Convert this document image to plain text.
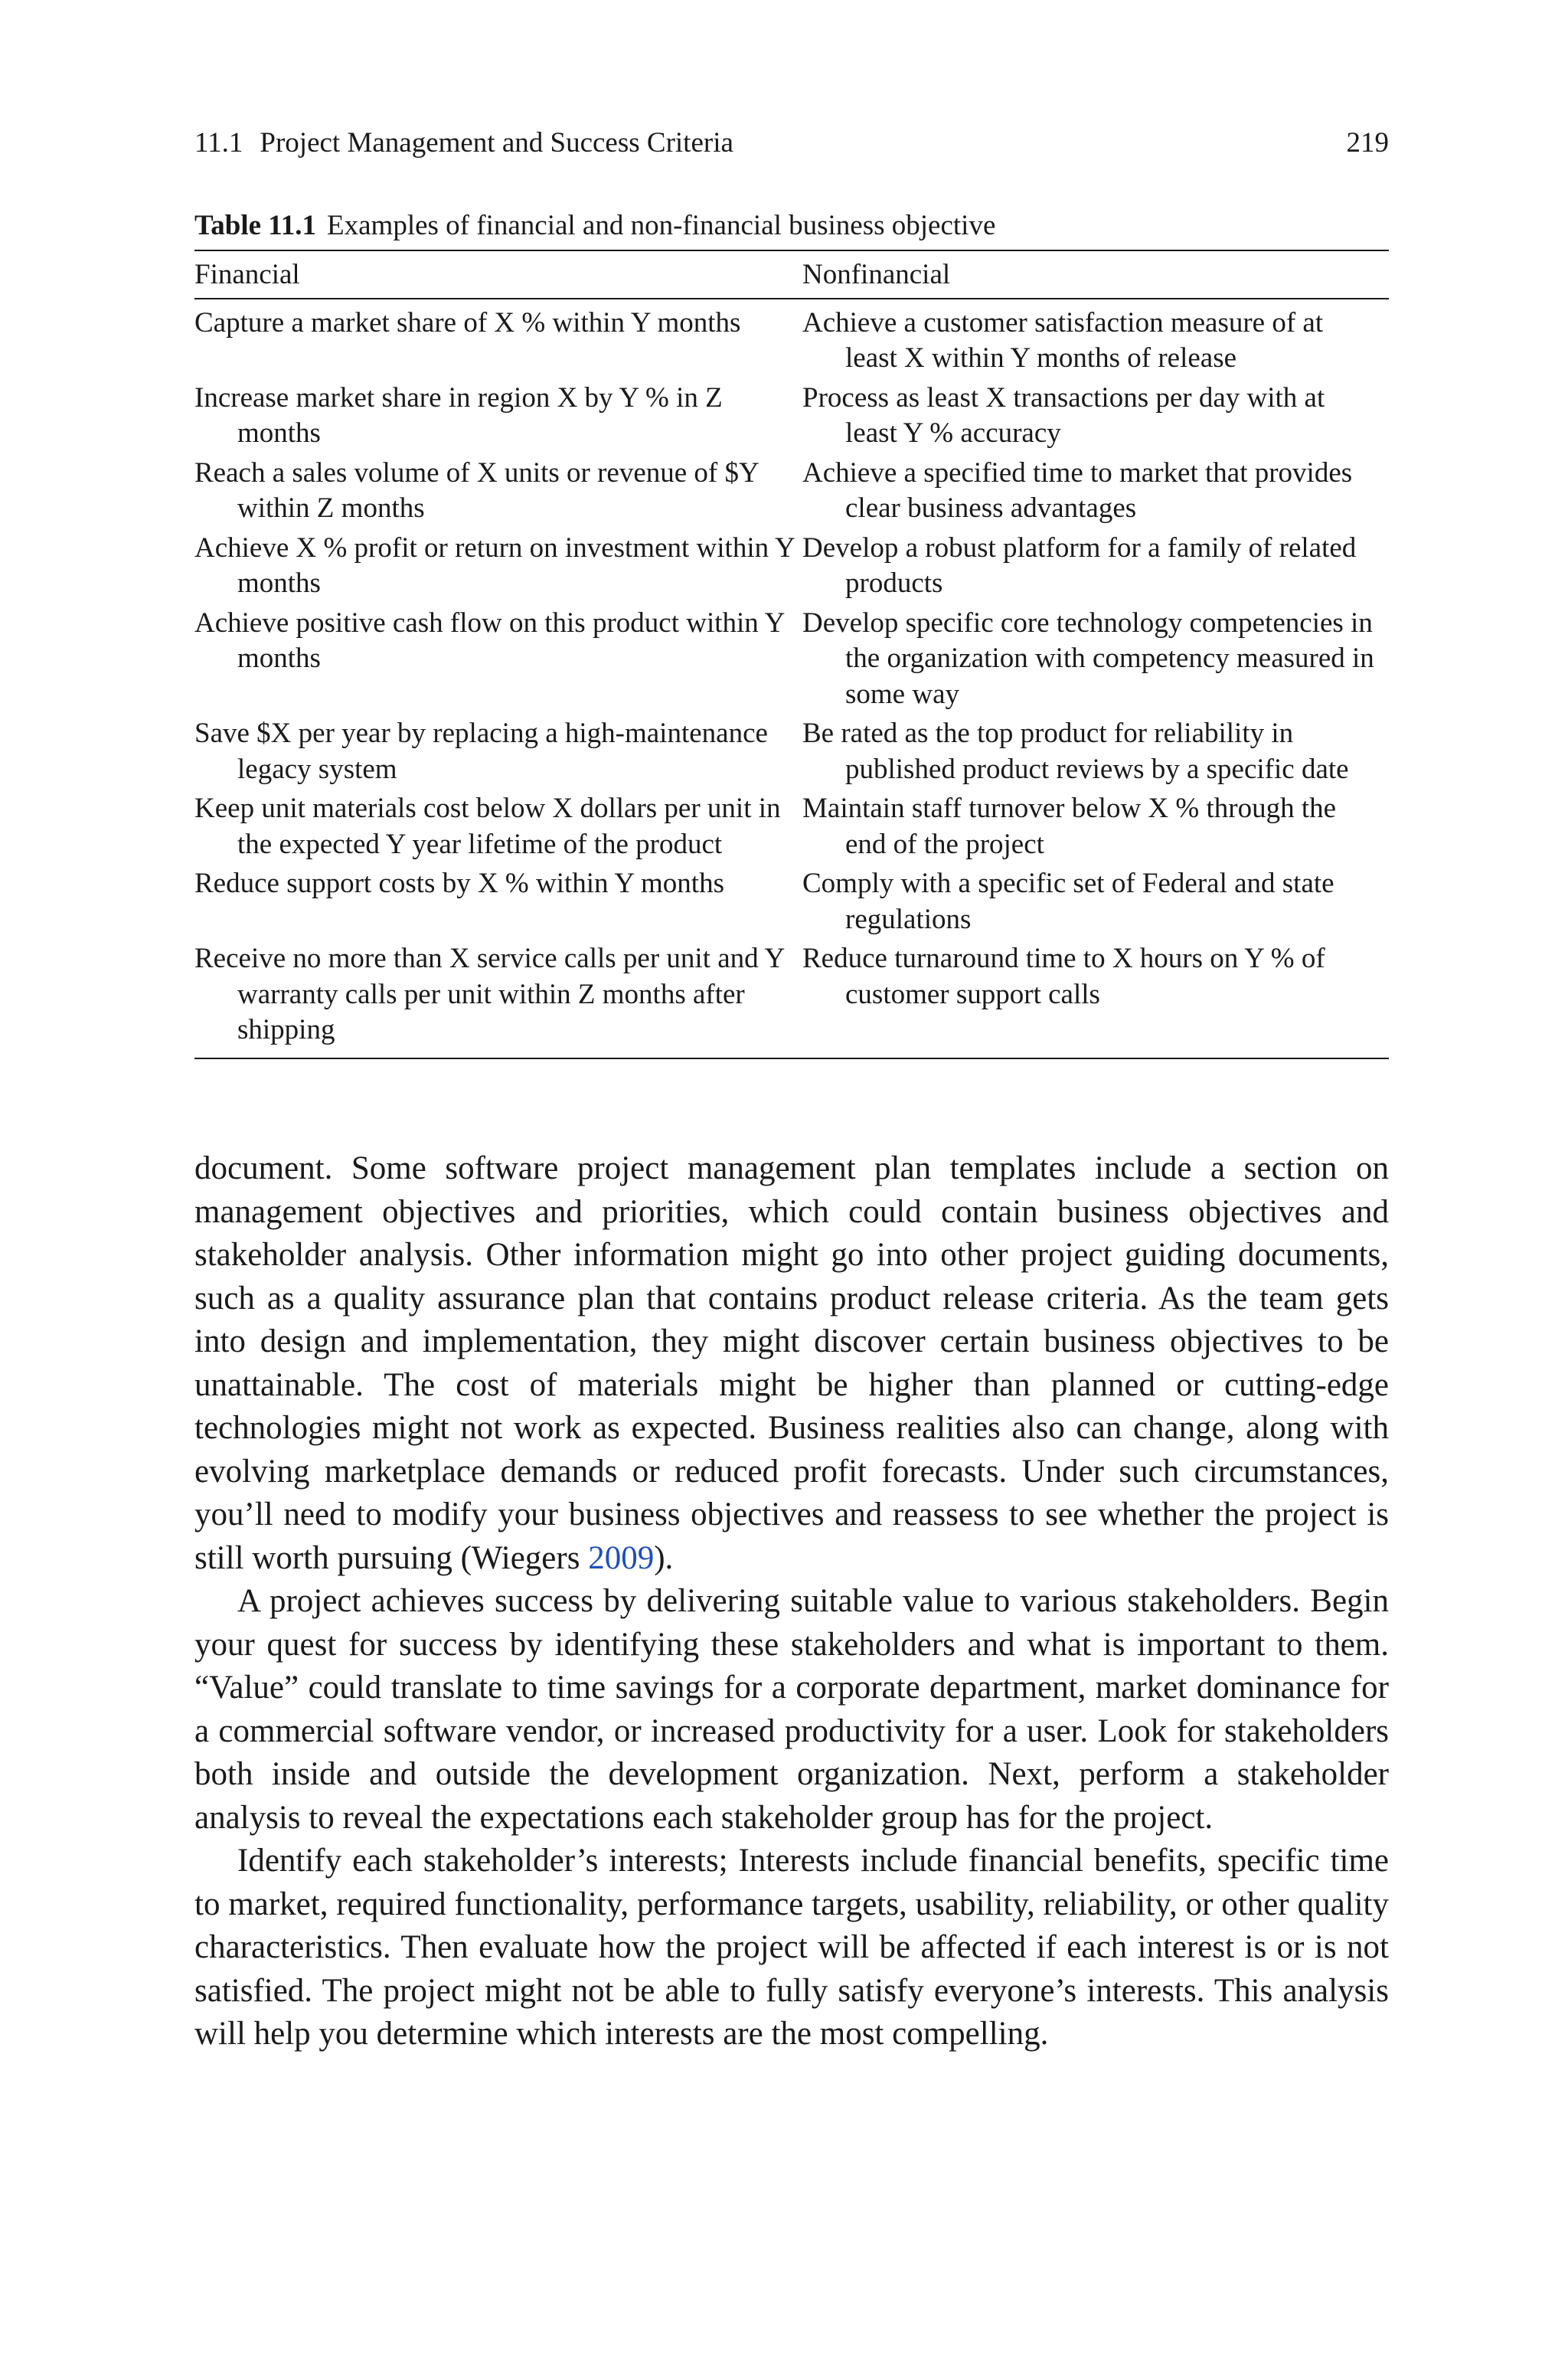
11.1 Project Management and Success Criteria	219
Table 11.1 Examples of financial and non-financial business objective
Financial	Nonfinancial

Capture a market share of X % within Y months	Achieve a customer satisfaction measure of at least X within Y months of release

Increase market share in region X by Y % in Z months	Process as least X transactions per day with at least Y % accuracy

Reach a sales volume of X units or revenue of $Y within Z months	Achieve a specified time to market that provides clear business advantages

Achieve X % profit or return on investment within Y months	Develop a robust platform for a family of related products

Achieve positive cash flow on this product within Y months	Develop specific core technology competencies in the organization with competency measured in some way

Save $X per year by replacing a high-maintenance legacy system	Be rated as the top product for reliability in published product reviews by a specific date

Keep unit materials cost below X dollars per unit in the expected Y year lifetime of the product	Maintain staff turnover below X % through the end of the project

Reduce support costs by X % within Y months	Comply with a specific set of Federal and state regulations

Receive no more than X service calls per unit and Y warranty calls per unit within Z months after shipping	Reduce turnaround time to X hours on Y % of customer support calls

document. Some software project management plan templates include a section on management objectives and priorities, which could contain business objectives and stakeholder analysis. Other information might go into other project guiding documents, such as a quality assurance plan that contains product release criteria. As the team gets into design and implementation, they might discover certain business objectives to be unattainable. The cost of materials might be higher than planned or cutting-edge technologies might not work as expected. Business realities also can change, along with evolving marketplace demands or reduced profit forecasts. Under such circumstances, you’ll need to modify your business objectives and reassess to see whether the project is still worth pursuing (Wiegers 2009).

A project achieves success by delivering suitable value to various stakeholders. Begin your quest for success by identifying these stakeholders and what is important to them. “Value” could translate to time savings for a corporate department, market dominance for a commercial software vendor, or increased productivity for a user. Look for stakeholders both inside and outside the development organization. Next, perform a stakeholder analysis to reveal the expectations each stakeholder group has for the project.

Identify each stakeholder’s interests; Interests include financial benefits, specific time to market, required functionality, performance targets, usability, reliability, or other quality characteristics. Then evaluate how the project will be affected if each interest is or is not satisfied. The project might not be able to fully satisfy everyone’s interests. This analysis will help you determine which interests are the most compelling.
